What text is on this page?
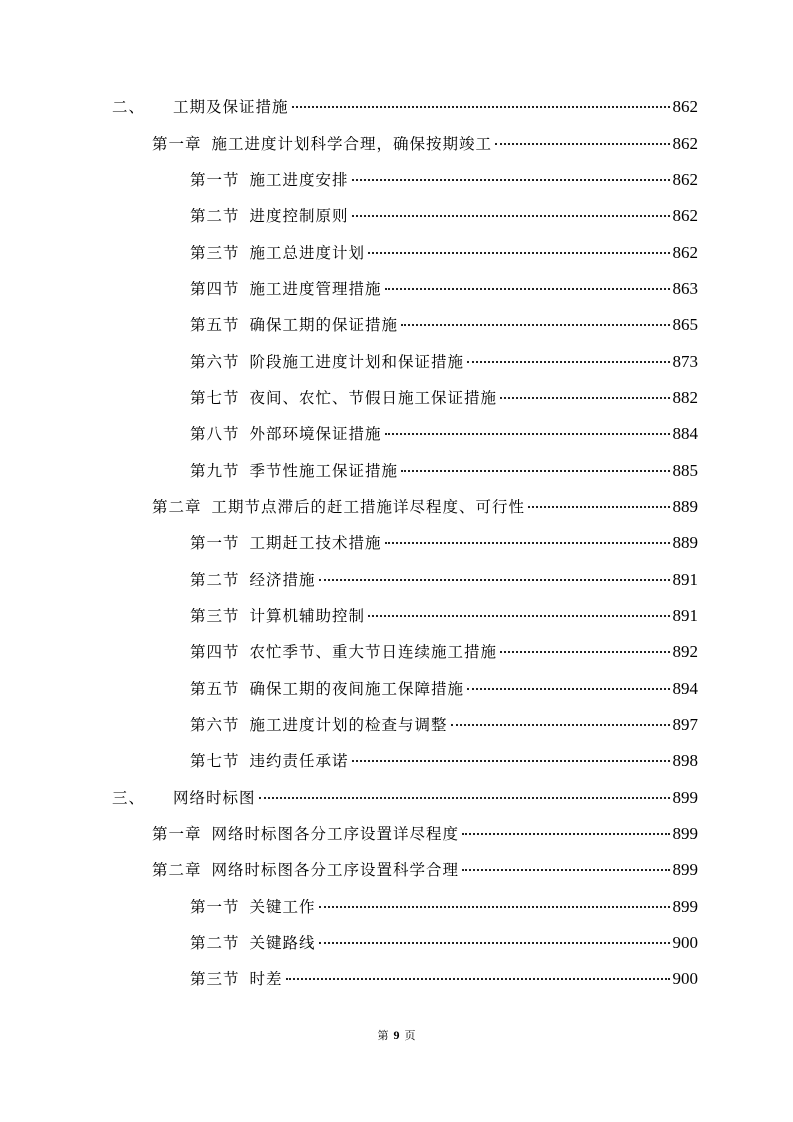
二、 工期及保证措施	862
第一章 施工进度计划科学合理，确保按期竣工	862
第一节 施工进度安排	862
第二节 进度控制原则	862
第三节 施工总进度计划	862
第四节 施工进度管理措施	863
第五节 确保工期的保证措施	865
第六节 阶段施工进度计划和保证措施	873
第七节 夜间、农忙、节假日施工保证措施	882
第八节 外部环境保证措施	884
第九节 季节性施工保证措施	885
第二章 工期节点滞后的赶工措施详尽程度、可行性	889
第一节 工期赶工技术措施	889
第二节 经济措施	891
第三节 计算机辅助控制	891
第四节 农忙季节、重大节日连续施工措施	892
第五节 确保工期的夜间施工保障措施	894
第六节 施工进度计划的检查与调整	897
第七节 违约责任承诺	898
三、 网络时标图	899
第一章 网络时标图各分工序设置详尽程度	899
第二章 网络时标图各分工序设置科学合理	899
第一节 关键工作	899
第二节 关键路线	900
第三节 时差	900
第 9 页
